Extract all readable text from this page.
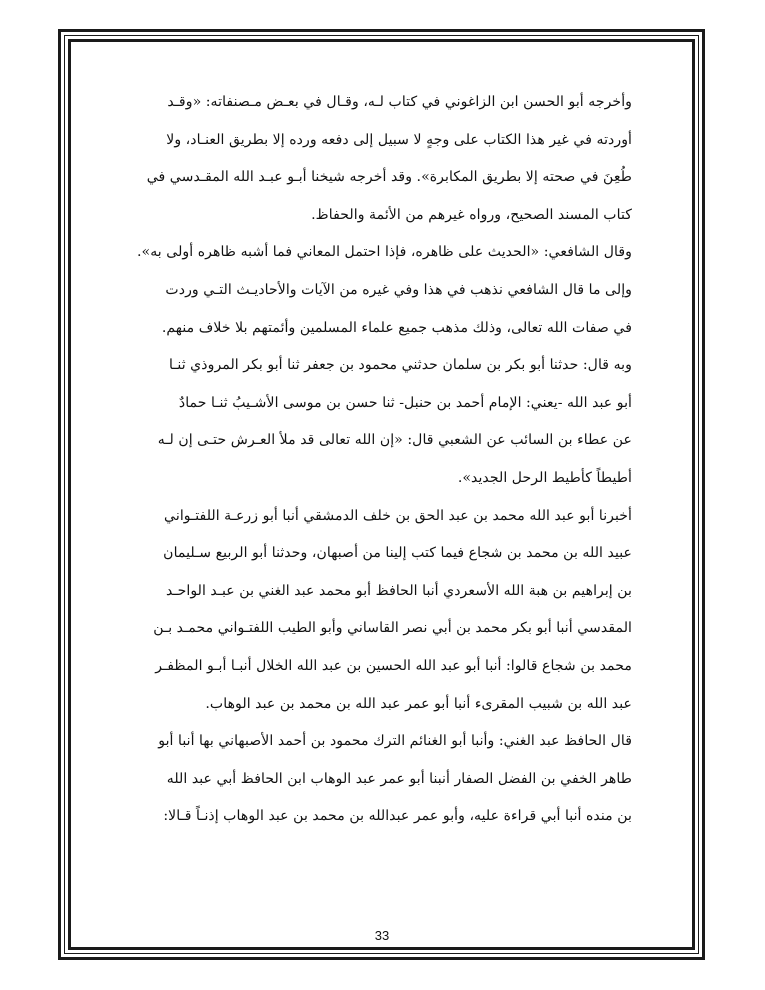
وأخرجه أبو الحسن ابن الزاغوني في كتاب لـه، وقـال في بعـض مـصنفاته: «وقـد
أوردته في غير هذا الكتاب على وجهٍ لا سبيل إلى دفعه ورده إلا بطريق العنـاد، ولا
طُعِنَ في صحته إلا بطريق المكابرة». وقد أخرجه شيخنا أبـو عبـد الله المقـدسي في
كتاب المسند الصحيح، ورواه غيرهم من الأئمة والحفاظ.
وقال الشافعي: «الحديث على ظاهره، فإذا احتمل المعاني فما أشبه ظاهره أولى به».
وإلى ما قال الشافعي نذهب في هذا وفي غيره من الآيات والأحاديـث التـي وردت
في صفات الله تعالى، وذلك مذهب جميع علماء المسلمين وأئمتهم بلا خلاف منهم.
وبه قال: حدثنا أبو بكر بن سلمان حدثني محمود بن جعفر ثنا أبو بكر المروذي ثنـا
أبو عبد الله -يعني: الإمام أحمد بن حنبل- ثنا حسن بن موسى الأشـيبُ ثنـا حمادٌ
عن عطاء بن السائب عن الشعبي قال: «إن الله تعالى قد ملأ العـرش حتـى إن لـه
أطيطاً كأطيط الرحل الجديد».
أخبرنا أبو عبد الله محمد بن عبد الحق بن خلف الدمشقي أنبا أبو زرعـة اللفتـواني
عبيد الله بن محمد بن شجاع فيما كتب إلينا من أصبهان، وحدثنا أبو الربيع سـليمان
بن إبراهيم بن هبة الله الأسعردي أنبا الحافظ أبو محمد عبد الغني بن عبـد الواحـد
المقدسي أنبا أبو بكر محمد بن أبي نصر القاساني وأبو الطيب اللفتـواني محمـد بـن
محمد بن شجاع قالوا: أنبا أبو عبد الله الحسين بن عبد الله الخلال أنبـا أبـو المظفـر
عبد الله بن شبيب المقرىء أنبا أبو عمر عبد الله بن محمد بن عبد الوهاب.
قال الحافظ عبد الغني: وأنبا أبو الغنائم الترك محمود بن أحمد الأصبهاني بها أنبا أبو
طاهر الخفي بن الفضل الصفار أنبنا أبو عمر عبد الوهاب ابن الحافظ أبي عبد الله
بن منده أنبا أبي قراءة عليه، وأبو عمر عبدالله بن محمد بن عبد الوهاب إذنـاً قـالا:
33
